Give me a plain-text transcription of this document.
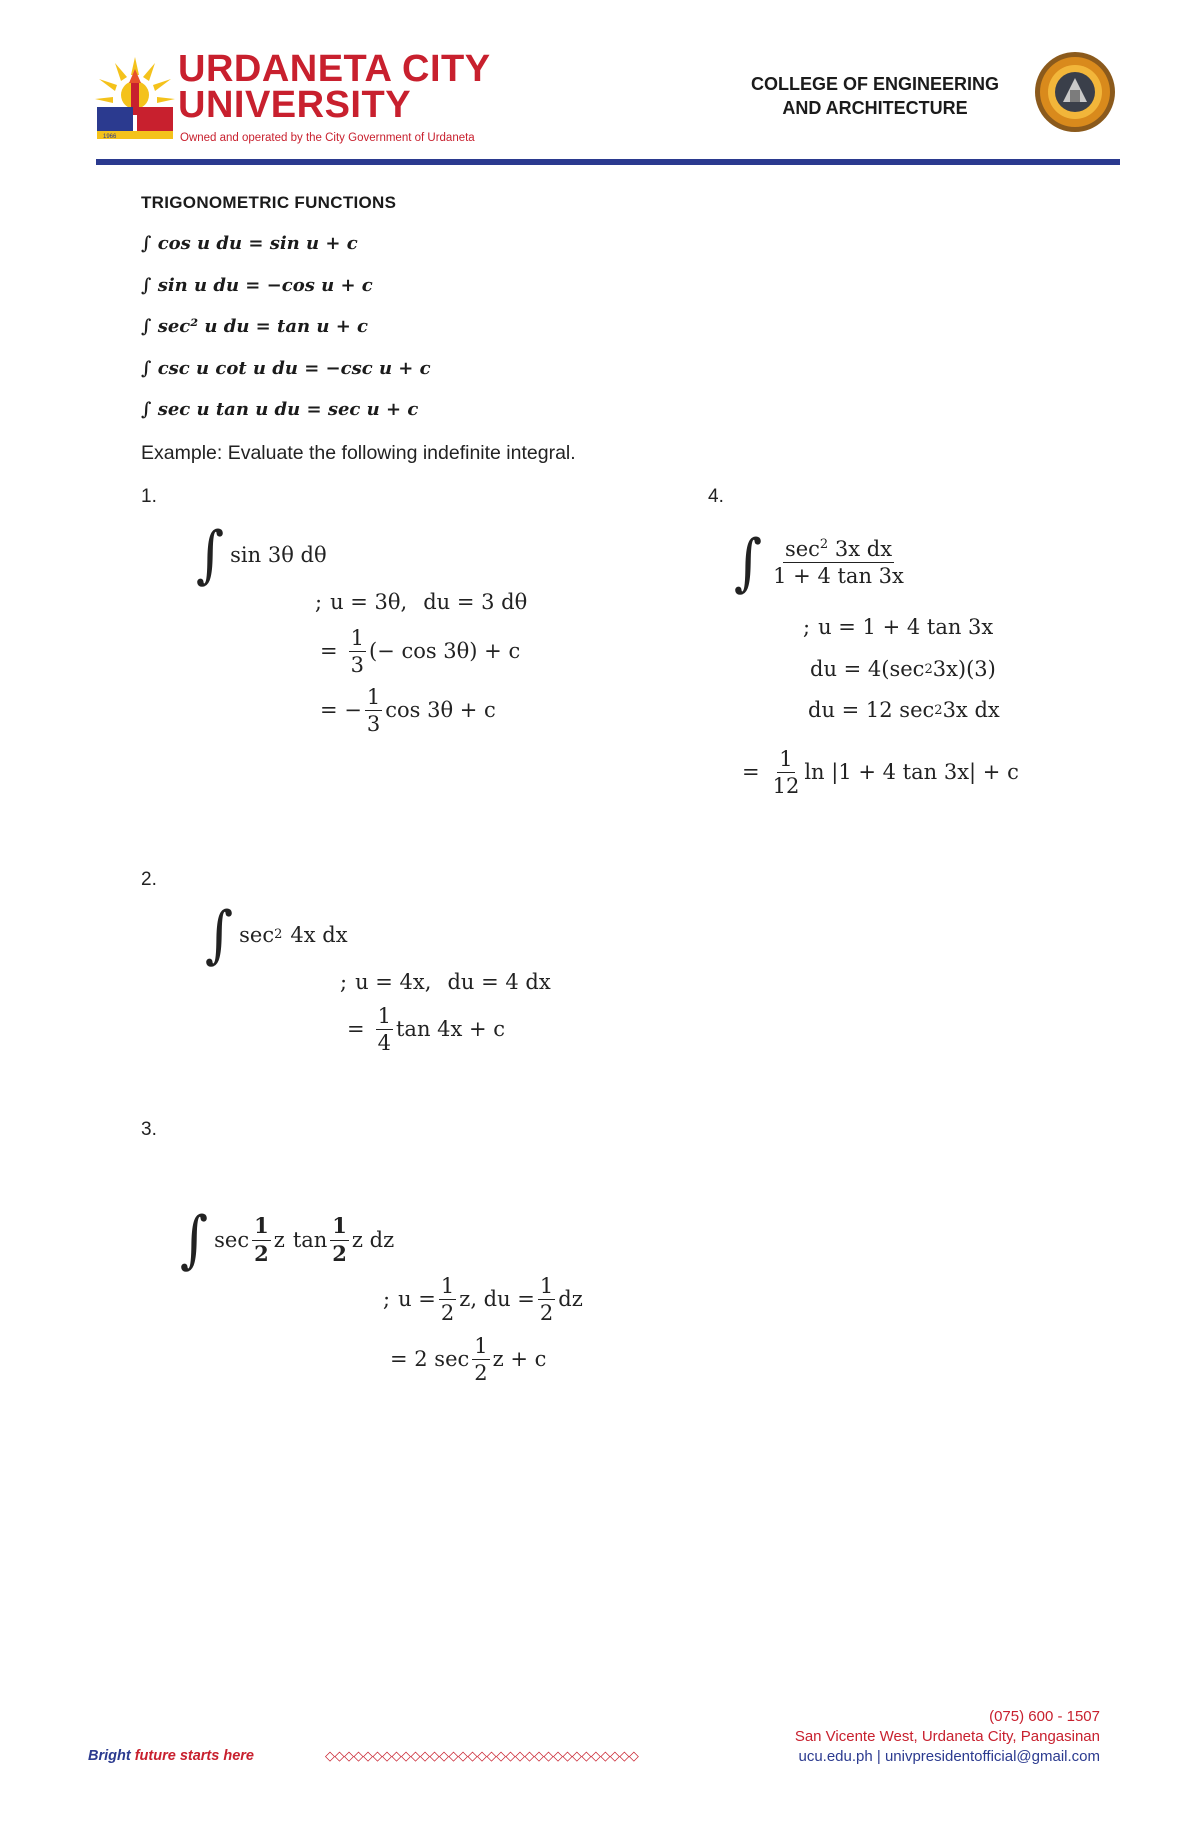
1966
URDANETA CITY
UNIVERSITY
Owned and operated by the City Government of Urdaneta
COLLEGE OF ENGINEERING
AND ARCHITECTURE
TRIGONOMETRIC FUNCTIONS
∫ cos u du = sin u + c
∫ sin u du = −cos u + c
∫ sec² u du = tan u + c
∫ csc u cot u du = −csc u + c
∫ sec u tan u du = sec u + c
Example: Evaluate the following indefinite integral.
1.
∫ sin 3θ dθ
; u = 3θ, du = 3 dθ
= $\frac{1}{3}$ (− cos 3θ) + c
= − $\frac{1}{3}$ cos 3θ + c
4.
∫ $\frac{\sec^2 3x dx}{1 + 4 \tan 3x}$
; u = 1 + 4 tan 3x
du = 4(sec 2 3x)(3)
du = 12 sec 2 3x dx
= $\frac{1}{12}$ ln |1 + 4 tan 3x| + c
2.
∫ sec 2 4x dx
; u = 4x, du = 4 dx
= $\frac{1}{4}$ tan 4x + c
3.
∫ $\sec \frac{1}{2}$ z $\tan \frac{1}{2}$ z dz
; $u = \frac{1}{2} z$, du = $\frac{1}{2}$ dz
= 2 $\sec \frac{1}{2}$ z + c
(075) 600 - 1507
San Vicente West, Urdaneta City, Pangasinan
ucu.edu.ph | univpresidentofficial@gmail.com
Bright future starts here	◇◇◇◇◇◇◇◇◇◇◇◇◇◇◇◇◇◇◇◇◇◇◇◇◇◇◇◇◇◇◇◇◇
